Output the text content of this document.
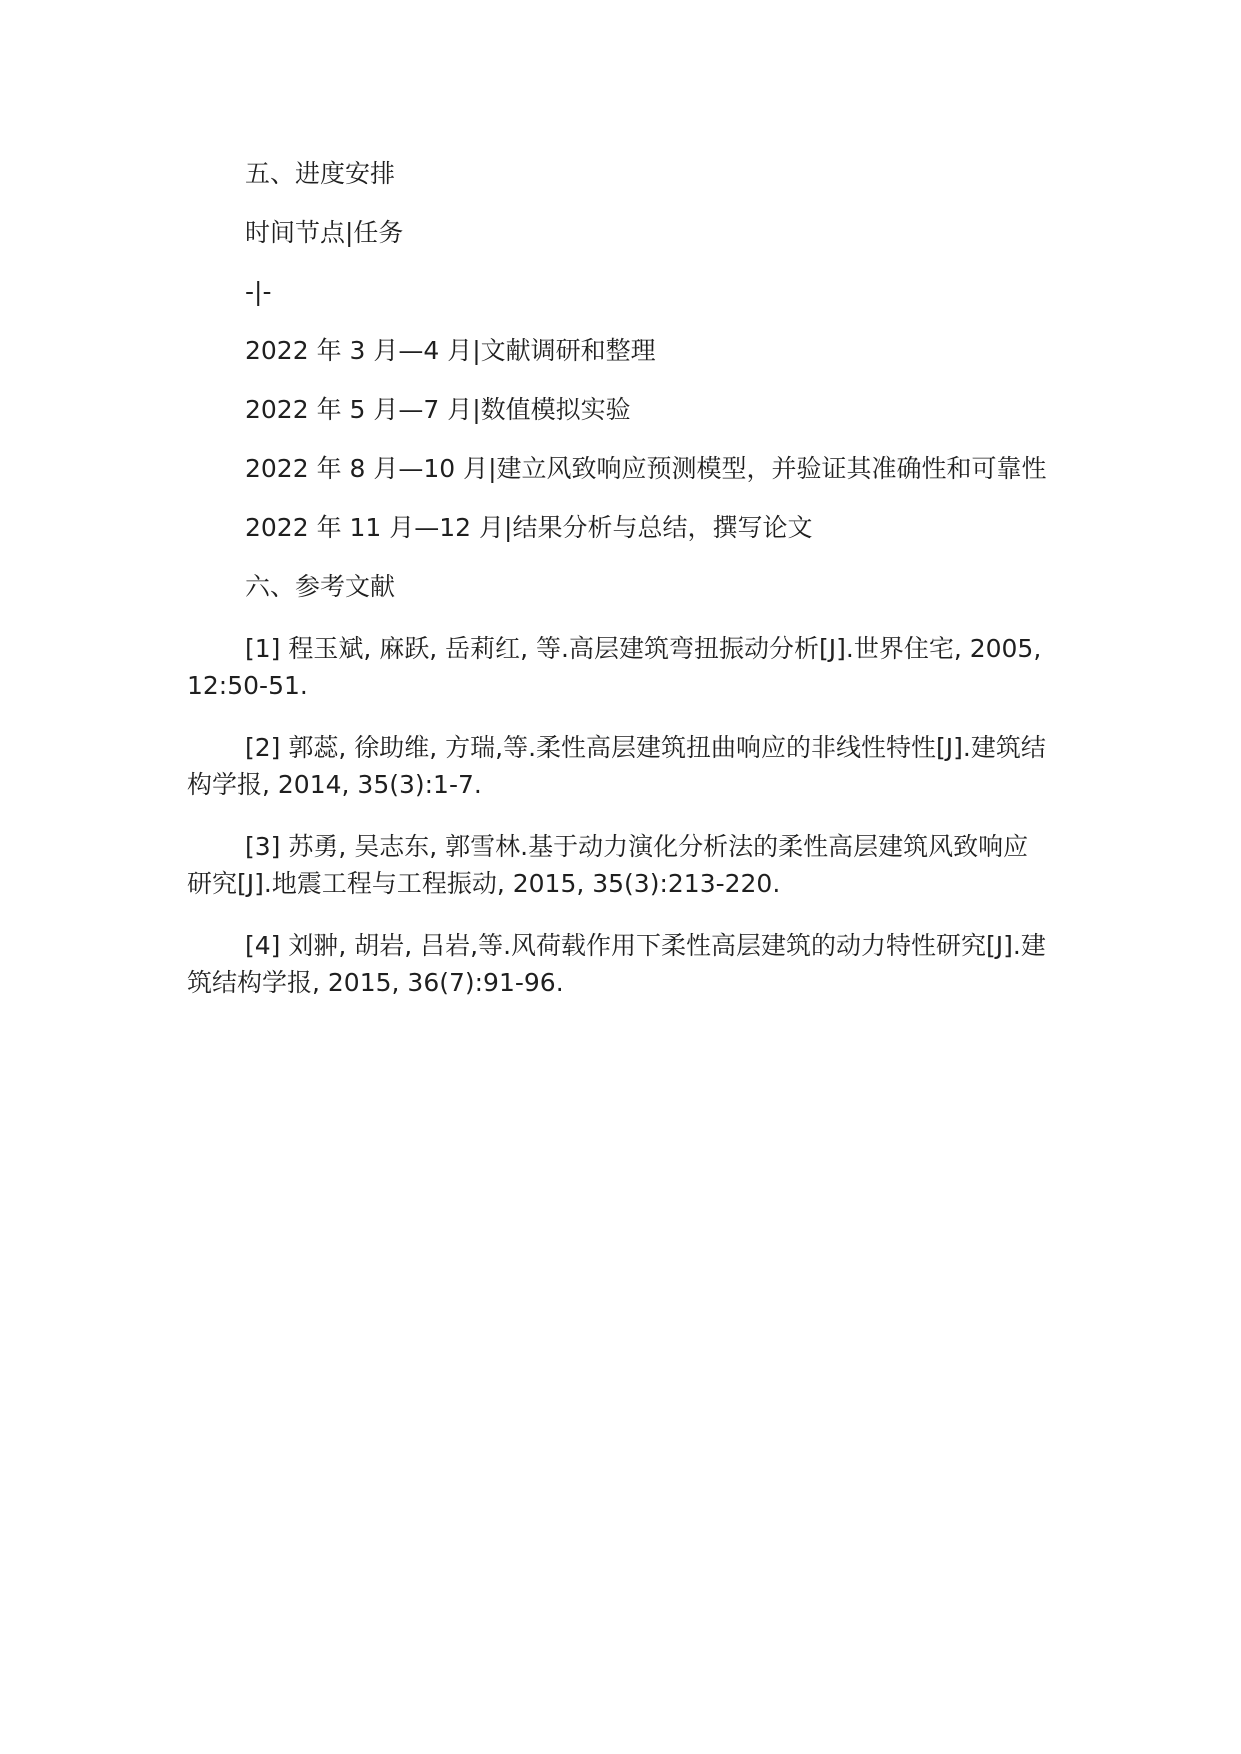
五、进度安排

时间节点|任务

-|-

2022 年 3 月—4 月|文献调研和整理

2022 年 5 月—7 月|数值模拟实验

2022 年 8 月—10 月|建立风致响应预测模型，并验证其准确性和可靠性

2022 年 11 月—12 月|结果分析与总结，撰写论文

六、参考文献

[1] 程玉斌, 麻跃, 岳莉红, 等.高层建筑弯扭振动分析[J].世界住宅, 2005, 12:50-51.

[2] 郭蕊, 徐助维, 方瑞,等.柔性高层建筑扭曲响应的非线性特性[J].建筑结构学报, 2014, 35(3):1-7.

[3] 苏勇, 吴志东, 郭雪林.基于动力演化分析法的柔性高层建筑风致响应研究[J].地震工程与工程振动, 2015, 35(3):213-220.

[4] 刘翀, 胡岩, 吕岩,等.风荷载作用下柔性高层建筑的动力特性研究[J].建筑结构学报, 2015, 36(7):91-96.
